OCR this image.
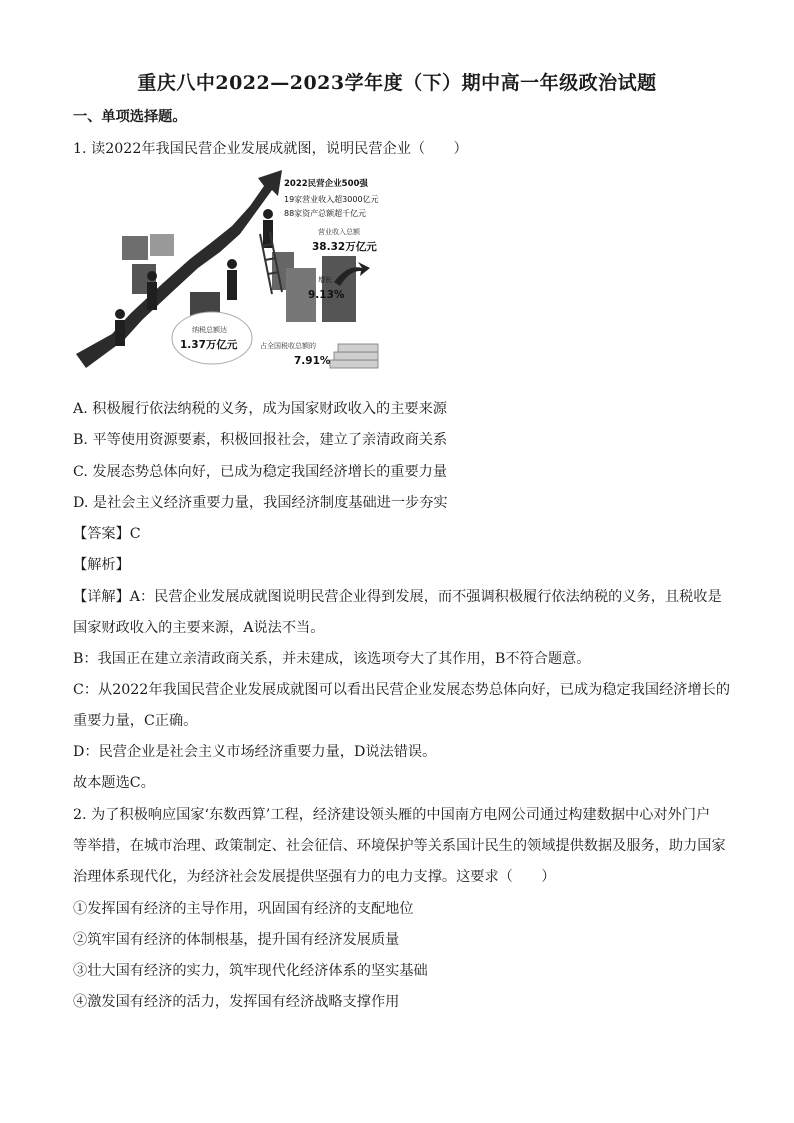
重庆八中2022—2023学年度（下）期中高一年级政治试题
一、单项选择题。
1. 读2022年我国民营企业发展成就图，说明民营企业（　　）
2022民营企业500强
19家营业收入超3000亿元
88家资产总额超千亿元
营业收入总额
38.32万亿元
增长
9.13%
纳税总额达
1.37万亿元	占全国税收总额的
7.91%
A. 积极履行依法纳税的义务，成为国家财政收入的主要来源
B. 平等使用资源要素，积极回报社会，建立了亲清政商关系
C. 发展态势总体向好，已成为稳定我国经济增长的重要力量
D. 是社会主义经济重要力量，我国经济制度基础进一步夯实
【答案】C
【解析】
【详解】A：民营企业发展成就图说明民营企业得到发展，而不强调积极履行依法纳税的义务，且税收是
国家财政收入的主要来源，A说法不当。
B：我国正在建立亲清政商关系，并未建成，该选项夸大了其作用，B不符合题意。
C：从2022年我国民营企业发展成就图可以看出民营企业发展态势总体向好，已成为稳定我国经济增长的
重要力量，C正确。
D：民营企业是社会主义市场经济重要力量，D说法错误。
故本题选C。
2. 为了积极响应国家‘东数西算’工程，经济建设领头雁的中国南方电网公司通过构建数据中心对外门户
等举措，在城市治理、政策制定、社会征信、环境保护等关系国计民生的领域提供数据及服务，助力国家
治理体系现代化，为经济社会发展提供坚强有力的电力支撑。这要求（　　）
①发挥国有经济的主导作用，巩固国有经济的支配地位
②筑牢国有经济的体制根基，提升国有经济发展质量
③壮大国有经济的实力，筑牢现代化经济体系的坚实基础
④激发国有经济的活力，发挥国有经济战略支撑作用
